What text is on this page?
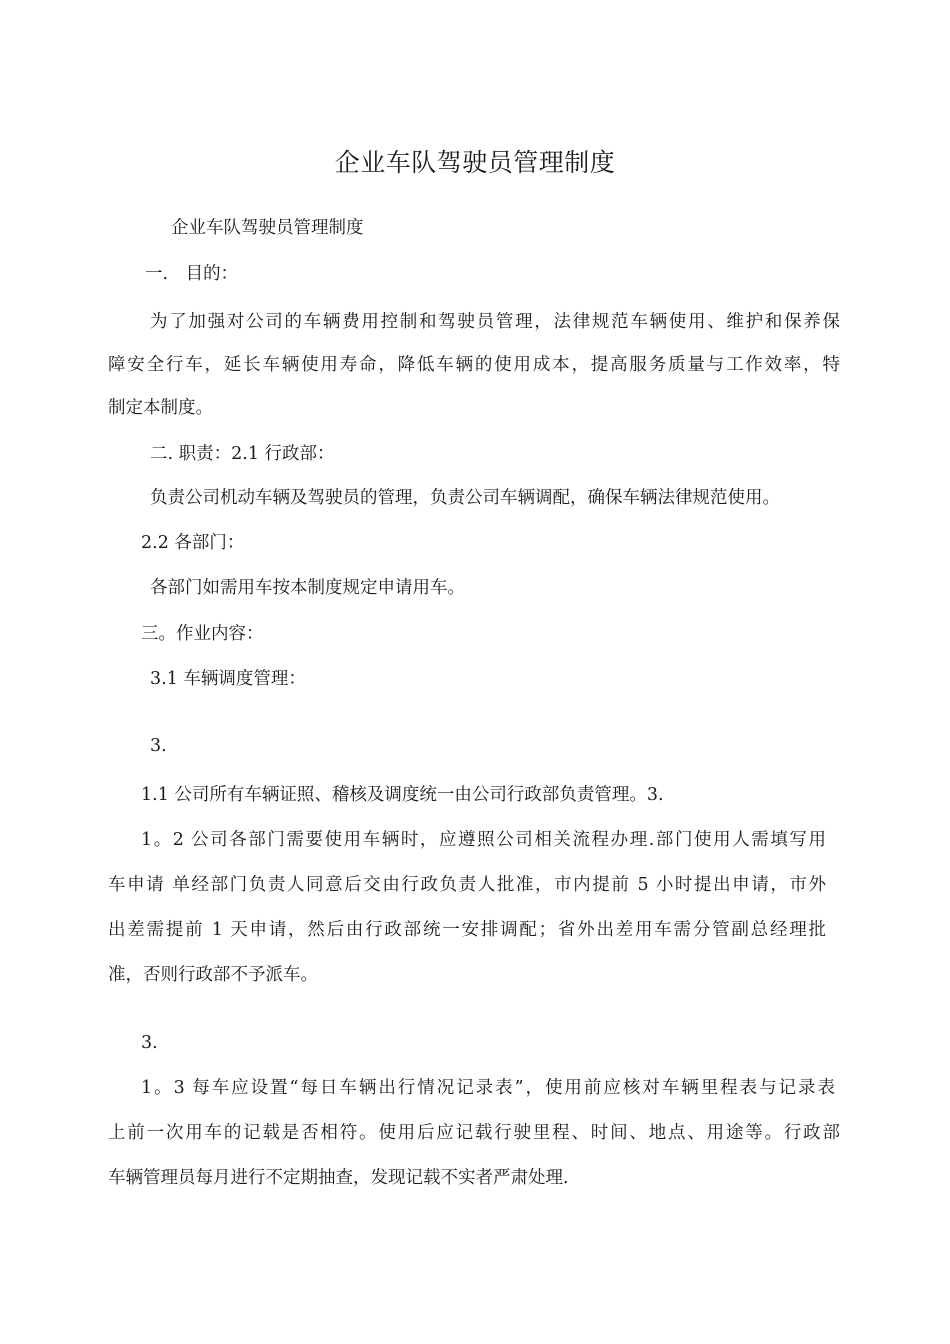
企业车队驾驶员管理制度
企业车队驾驶员管理制度
一.　目的：
为了加强对公司的车辆费用控制和驾驶员管理，法律规范车辆使用、维护和保养保
障安全行车，延长车辆使用寿命，降低车辆的使用成本，提高服务质量与工作效率，特
制定本制度。
二. 职责：2.1 行政部：
负责公司机动车辆及驾驶员的管理，负责公司车辆调配，确保车辆法律规范使用。
2.2 各部门：
各部门如需用车按本制度规定申请用车。
三。作业内容：
3.1 车辆调度管理：
3.
1.1 公司所有车辆证照、稽核及调度统一由公司行政部负责管理。3.
1。2 公司各部门需要使用车辆时，应遵照公司相关流程办理.部门使用人需填写用
车申请 单经部门负责人同意后交由行政负责人批准，市内提前 5 小时提出申请，市外
出差需提前 1 天申请，然后由行政部统一安排调配；省外出差用车需分管副总经理批
准，否则行政部不予派车。
3.
1。3 每车应设置“每日车辆出行情况记录表”，使用前应核对车辆里程表与记录表
上前一次用车的记载是否相符。使用后应记载行驶里程、时间、地点、用途等。行政部
车辆管理员每月进行不定期抽查，发现记载不实者严肃处理.
